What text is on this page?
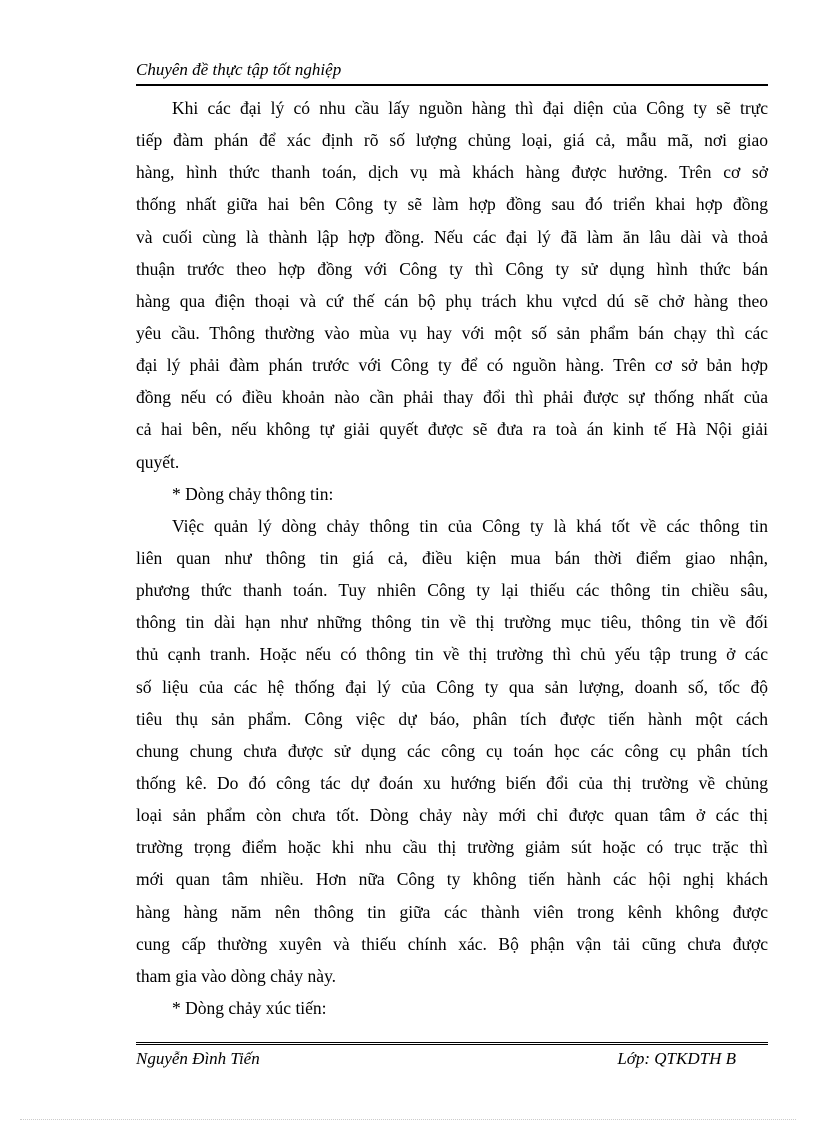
Chuyên đề thực tập tốt nghiệp
Khi các đại lý có nhu cầu lấy nguồn hàng thì đại diện của Công ty sẽ trực
tiếp đàm phán để xác định rõ số lượng chủng loại, giá cả, mẫu mã, nơi giao
hàng, hình thức thanh toán, dịch vụ mà khách hàng được hưởng. Trên cơ sở
thống nhất giữa hai bên Công ty sẽ làm hợp đồng sau đó triển khai hợp đồng
và cuối cùng là thành lập hợp đồng. Nếu các đại lý đã làm ăn lâu dài và thoả
thuận trước theo hợp đồng với Công ty thì Công ty sử dụng hình thức bán
hàng qua điện thoại và cứ thế cán bộ phụ trách khu vựcd dú sẽ chở hàng theo
yêu cầu. Thông thường vào mùa vụ hay với một số sản phẩm bán chạy thì các
đại lý phải đàm phán trước với Công ty để có nguồn hàng. Trên cơ sở bản hợp
đồng nếu có điều khoản nào cần phải thay đổi thì phải được sự thống nhất của
cả hai bên, nếu không tự giải quyết được sẽ đưa ra toà án kinh tế Hà Nội giải
quyết.
* Dòng chảy thông tin:
Việc quản lý dòng chảy thông tin của Công ty là khá tốt về các thông tin
liên quan như thông tin giá cả, điều kiện mua bán thời điểm giao nhận,
phương thức thanh toán. Tuy nhiên Công ty lại thiếu các thông tin chiều sâu,
thông tin dài hạn như những thông tin về thị trường mục tiêu, thông tin về đối
thủ cạnh tranh. Hoặc nếu có thông tin về thị trường thì chủ yếu tập trung ở các
số liệu của các hệ thống đại lý của Công ty qua sản lượng, doanh số, tốc độ
tiêu thụ sản phẩm. Công việc dự báo, phân tích được tiến hành một cách
chung chung chưa được sử dụng các công cụ toán học các công cụ phân tích
thống kê. Do đó công tác dự đoán xu hướng biến đổi của thị trường về chủng
loại sản phẩm còn chưa tốt. Dòng chảy này mới chỉ được quan tâm ở các thị
trường trọng điểm hoặc khi nhu cầu thị trường giảm sút hoặc có trục trặc thì
mới quan tâm nhiều. Hơn nữa Công ty không tiến hành các hội nghị khách
hàng hàng năm nên thông tin giữa các thành viên trong kênh không được
cung cấp thường xuyên và thiếu chính xác. Bộ phận vận tải cũng chưa được
tham gia vào dòng chảy này.
* Dòng chảy xúc tiến:
Nguyễn Đình Tiến	Lớp: QTKDTH B
